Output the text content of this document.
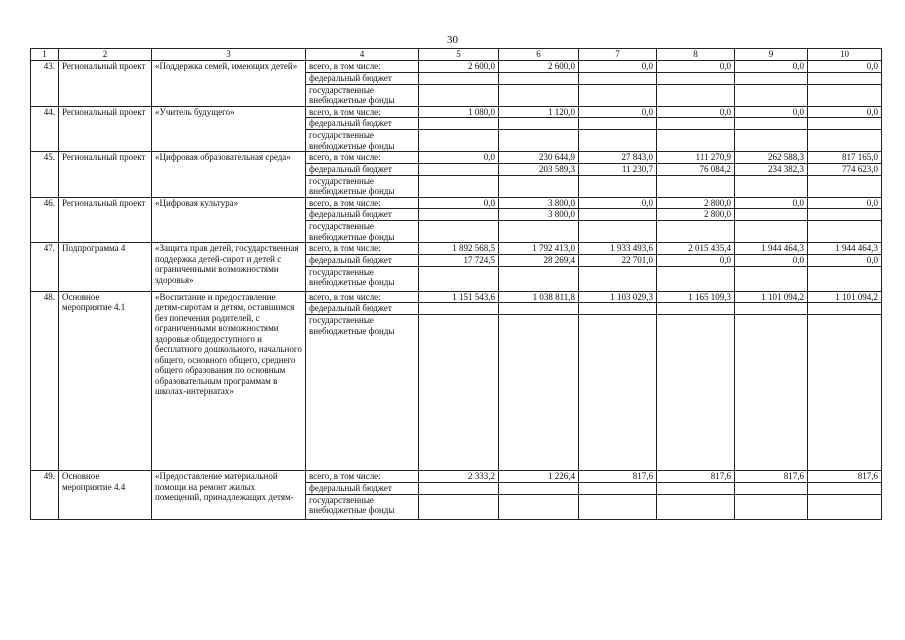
30
1	2	3	4	5	6	7	8	9	10
43.	Региональный проект	«Поддержка семей, имеющих детей»	всего, в том числе:	2 600,0	2 600,0	0,0	0,0	0,0	0,0
			федеральный бюджет						
			государственные внебюджетные фонды						
44.	Региональный проект	«Учитель будущего»	всего, в том числе:	1 080,0	1 120,0	0,0	0,0	0,0	0,0
			федеральный бюджет						
			государственные внебюджетные фонды						
45.	Региональный проект	«Цифровая образовательная среда»	всего, в том числе:	0,0	230 644,9	27 843,0	111 270,9	262 588,3	817 165,0
			федеральный бюджет		203 589,3	11 230,7	76 084,2	234 382,3	774 623,0
			государственные внебюджетные фонды						
46.	Региональный проект	«Цифровая культура»	всего, в том числе:	0,0	3 800,0	0,0	2 800,0	0,0	0,0
			федеральный бюджет		3 800,0		2 800,0		
			государственные внебюджетные фонды						
47.	Подпрограмма 4	«Защита прав детей, государственная поддержка детей-сирот и детей с ограниченными возможностями здоровья»	всего, в том числе:	1 892 568,5	1 792 413,0	1 933 493,6	2 015 435,4	1 944 464,3	1 944 464,3
			федеральный бюджет	17 724,5	28 269,4	22 701,0	0,0	0,0	0,0
			государственные внебюджетные фонды						
48.	Основное мероприятие 4.1	«Воспитание и предоставление детям-сиротам и детям, оставшимся без попечения родителей, с ограниченными возможностями здоровья общедоступного и бесплатного дошкольного, начального общего, основного общего, среднего общего образования по основным образовательным программам в школах-интернатах»	всего, в том числе:	1 151 543,6	1 038 811,8	1 103 029,3	1 165 109,3	1 101 094,2	1 101 094,2
			федеральный бюджет						
			государственные внебюджетные фонды						
49.	Основное мероприятие 4.4	«Предоставление материальной помощи на ремонт жилых помещений, принадлежащих детям-	всего, в том числе:	2 333,2	1 226,4	817,6	817,6	817,6	817,6
			федеральный бюджет						
			государственные внебюджетные фонды						
